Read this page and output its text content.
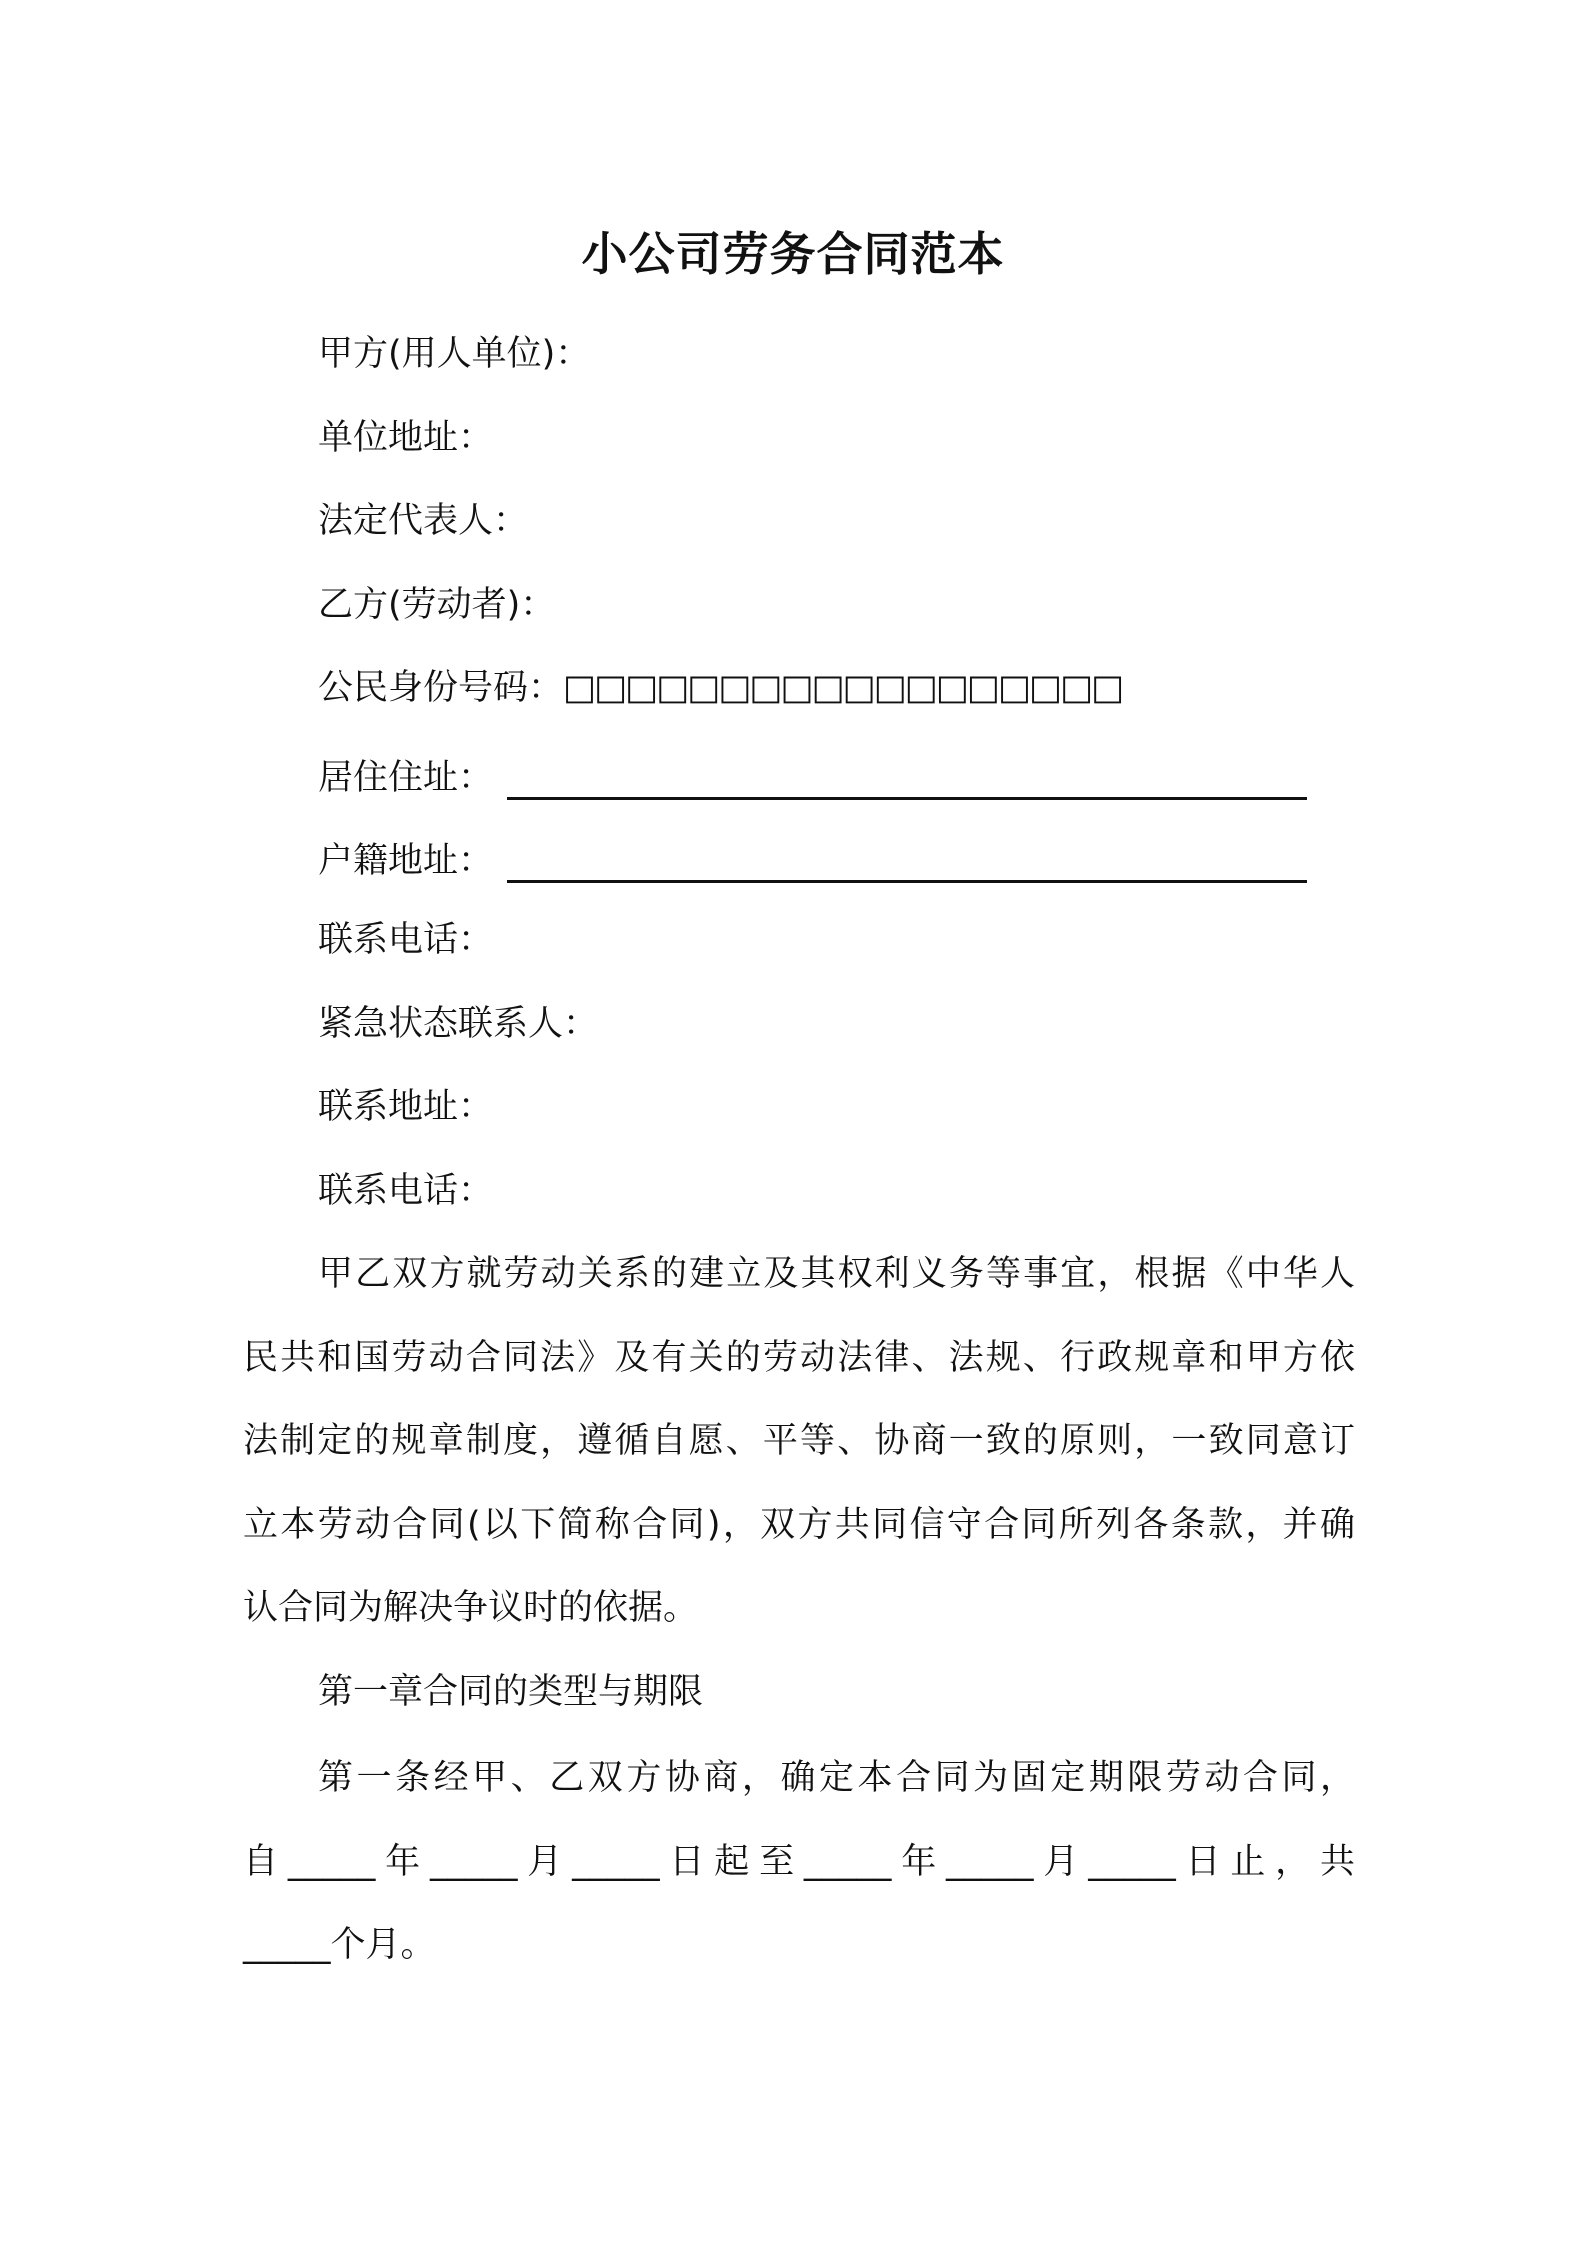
小公司劳务合同范本
甲方(用人单位)：
单位地址：
法定代表人：
乙方(劳动者)：
公民身份号码：□□□□□□□□□□□□□□□□□□
居住住址：
户籍地址：
联系电话：
紧急状态联系人：
联系地址：
联系电话：
甲乙双方就劳动关系的建立及其权利义务等事宜，根据《中华人
民共和国劳动合同法》及有关的劳动法律、法规、行政规章和甲方依
法制定的规章制度，遵循自愿、平等、协商一致的原则，一致同意订
立本劳动合同(以下简称合同)，双方共同信守合同所列各条款，并确
认合同为解决争议时的依据。
第一章合同的类型与期限
第一条经甲、乙双方协商，确定本合同为固定期限劳动合同，
自_____年_____月_____日起至_____年_____月_____日止，共
_____个月。
